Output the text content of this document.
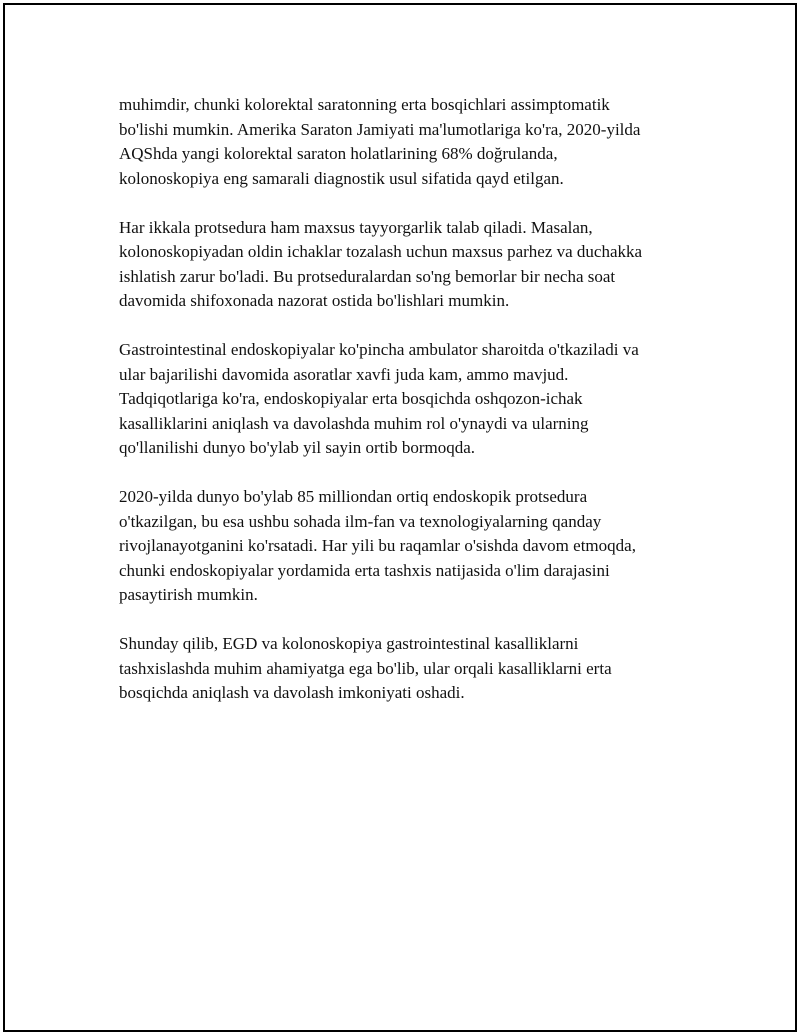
muhimdir, chunki kolorektal saratonning erta bosqichlari assimptomatik
bo'lishi mumkin. Amerika Saraton Jamiyati ma'lumotlariga ko'ra, 2020-yilda
AQShda yangi kolorektal saraton holatlarining 68% doğrulanda,
kolonoskopiya eng samarali diagnostik usul sifatida qayd etilgan.

Har ikkala protsedura ham maxsus tayyorgarlik talab qiladi. Masalan,
kolonoskopiyadan oldin ichaklar tozalash uchun maxsus parhez va duchakka
ishlatish zarur bo'ladi. Bu protseduralardan so'ng bemorlar bir necha soat
davomida shifoxonada nazorat ostida bo'lishlari mumkin.

Gastrointestinal endoskopiyalar ko'pincha ambulator sharoitda o'tkaziladi va
ular bajarilishi davomida asoratlar xavfi juda kam, ammo mavjud.
Tadqiqotlariga ko'ra, endoskopiyalar erta bosqichda oshqozon-ichak
kasalliklarini aniqlash va davolashda muhim rol o'ynaydi va ularning
qo'llanilishi dunyo bo'ylab yil sayin ortib bormoqda.

2020-yilda dunyo bo'ylab 85 milliondan ortiq endoskopik protsedura
o'tkazilgan, bu esa ushbu sohada ilm-fan va texnologiyalarning qanday
rivojlanayotganini ko'rsatadi. Har yili bu raqamlar o'sishda davom etmoqda,
chunki endoskopiyalar yordamida erta tashxis natijasida o'lim darajasini
pasaytirish mumkin.

Shunday qilib, EGD va kolonoskopiya gastrointestinal kasalliklarni
tashxislashda muhim ahamiyatga ega bo'lib, ular orqali kasalliklarni erta
bosqichda aniqlash va davolash imkoniyati oshadi.
